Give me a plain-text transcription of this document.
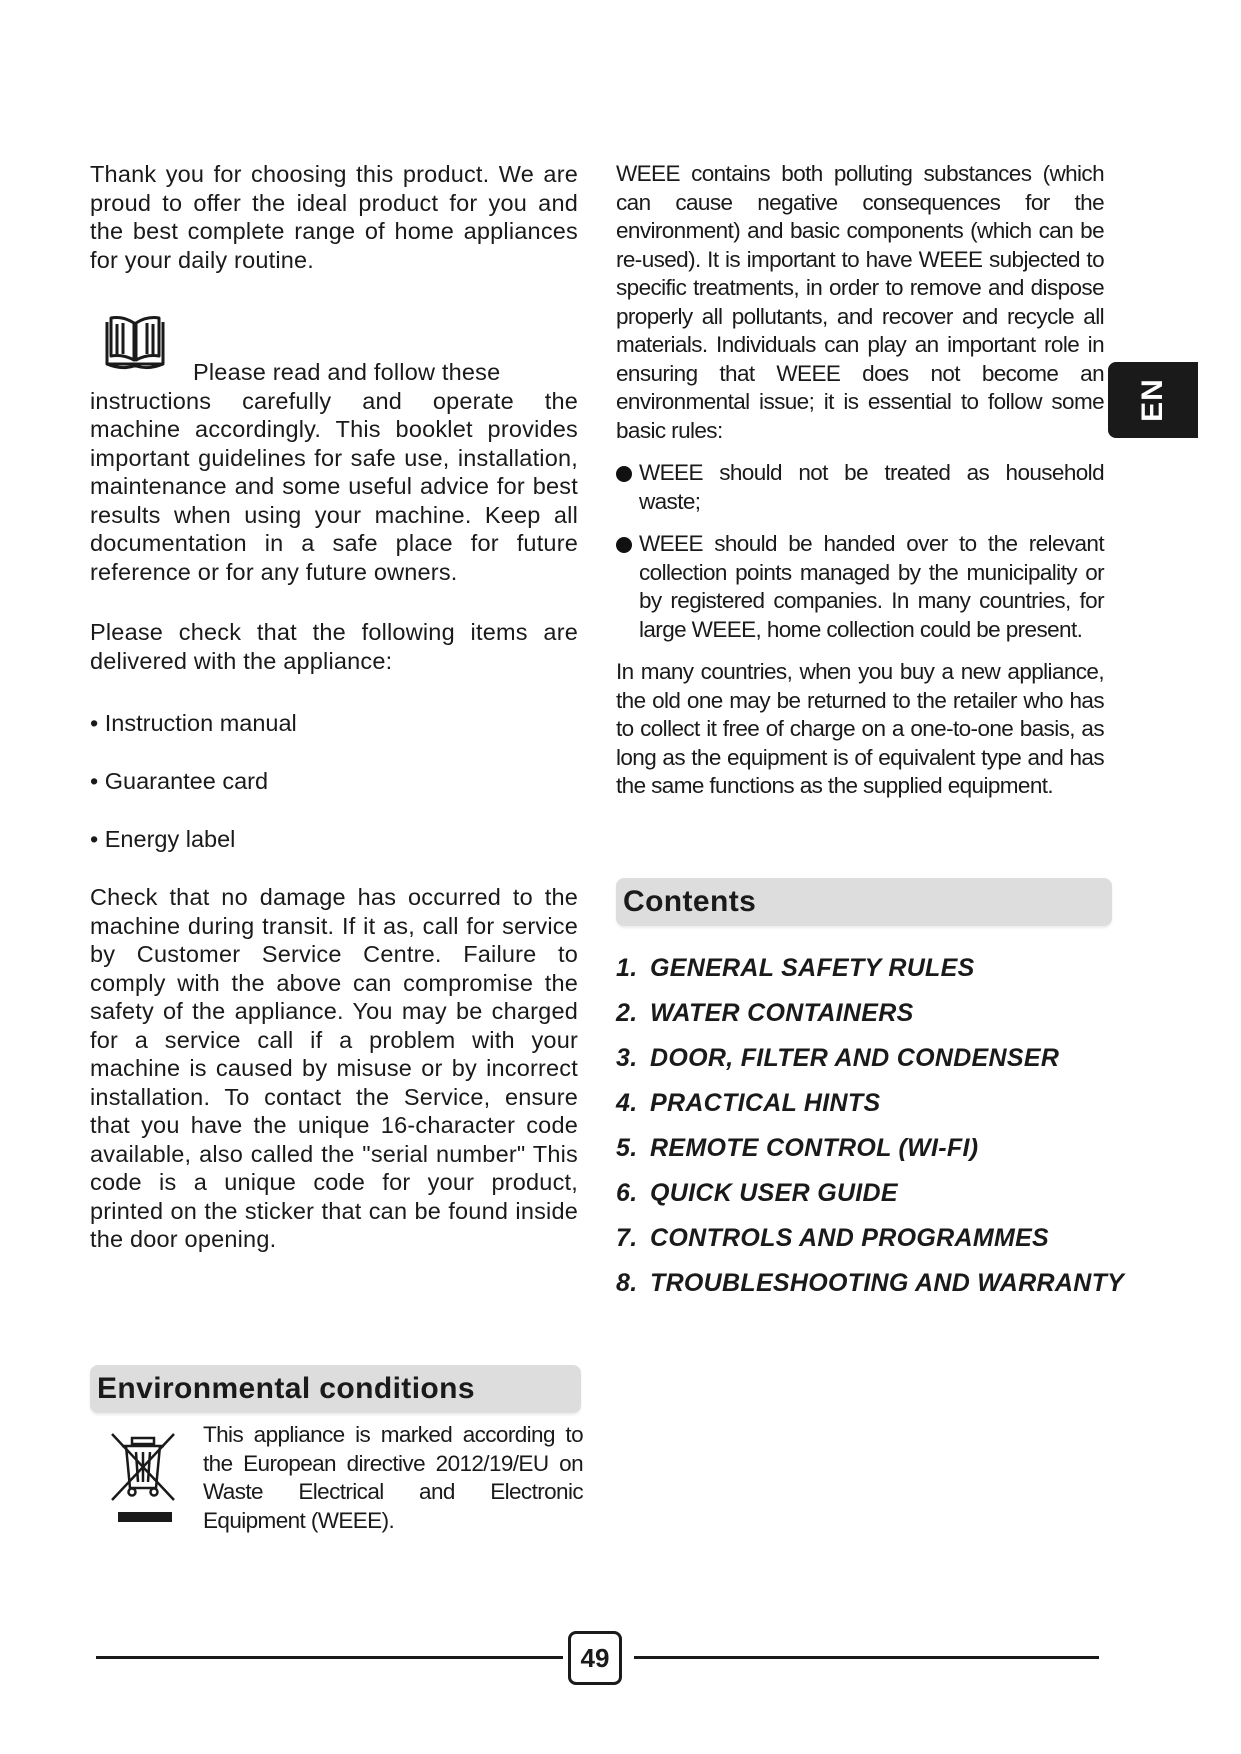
Thank you for choosing this product. We are proud to offer the ideal product for you and the best complete range of home appliances for your daily routine.

Please read and follow these
instructions carefully and operate the machine accordingly. This booklet provides important guidelines for safe use, installation, maintenance and some useful advice for best results when using your machine. Keep all documentation in a safe place for future reference or for any future owners.

Please check that the following items are delivered with the appliance:

• Instruction manual
• Guarantee card
• Energy label

Check that no damage has occurred to the machine during transit. If it as, call for service by Customer Service Centre. Failure to comply with the above can compromise the safety of the appliance. You may be charged for a service call if a problem with your machine is caused by misuse or by incorrect installation. To contact the Service, ensure that you have the unique 16-character code available, also called the "serial number" This code is a unique code for your product, printed on the sticker that can be found inside the door opening.

Environmental conditions

This appliance is marked according to the European directive 2012/19/EU on Waste Electrical and Electronic Equipment (WEEE).

WEEE contains both polluting substances (which can cause negative consequences for the environment) and basic components (which can be re-used). It is important to have WEEE subjected to specific treatments, in order to remove and dispose properly all pollutants, and recover and recycle all materials. Individuals can play an important role in ensuring that WEEE does not become an environmental issue; it is essential to follow some basic rules:

WEEE should not be treated as household waste;
WEEE should be handed over to the relevant collection points managed by the municipality or by registered companies. In many countries, for large WEEE, home collection could be present.

In many countries, when you buy a new appliance, the old one may be returned to the retailer who has to collect it free of charge on a one-to-one basis, as long as the equipment is of equivalent type and has the same functions as the supplied equipment.

Contents
1. GENERAL SAFETY RULES
2. WATER CONTAINERS
3. DOOR, FILTER AND CONDENSER
4. PRACTICAL HINTS
5. REMOTE CONTROL (WI-FI)
6. QUICK USER GUIDE
7. CONTROLS AND PROGRAMMES
8. TROUBLESHOOTING AND WARRANTY
EN
49
